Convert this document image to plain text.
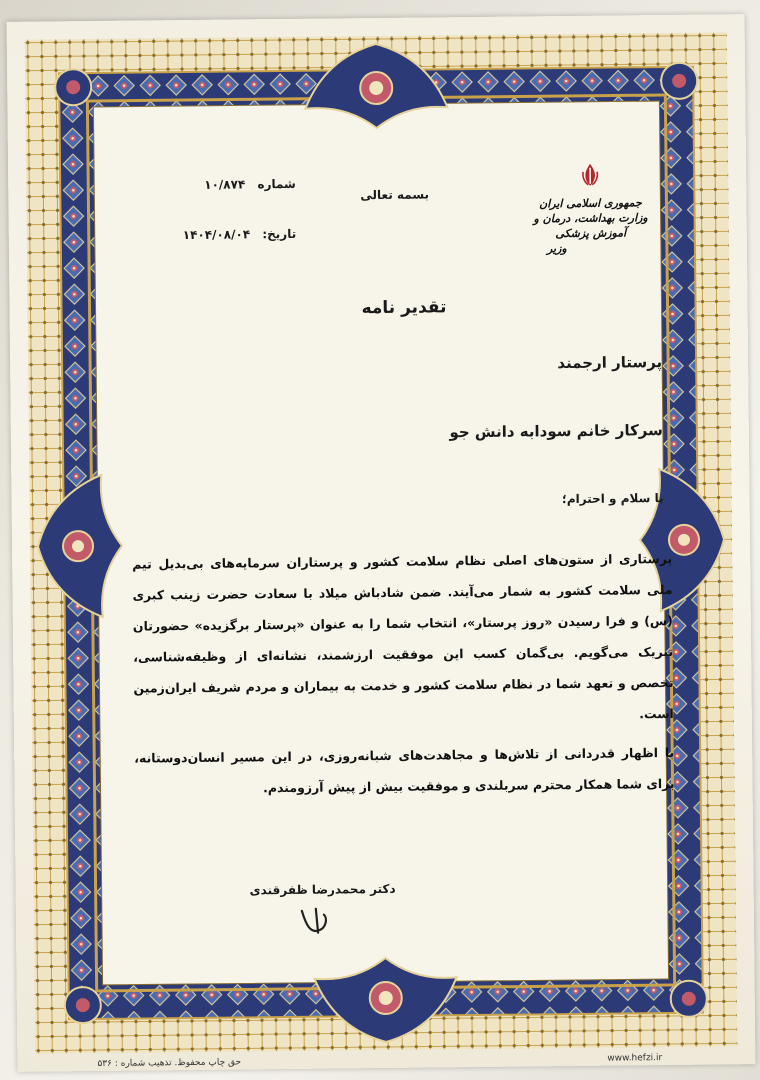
جمهوری اسلامی ایران
وزارت بهداشت، درمان و آموزش پزشکی
وزیر
بسمه تعالی
شماره ۱۰/۸۷۴
تاریخ: ۱۴۰۴/۰۸/۰۴
تقدیر نامه
پرستار ارجمند
سرکار خانم سودابه دانش جو
با سلام و احترام؛

پرستاری از ستون‌های اصلی نظام سلامت کشور و پرستاران سرمایه‌های بی‌بدیل تیم ملی سلامت کشور به شمار می‌آیند. ضمن شادباش میلاد با سعادت حضرت زینب کبری (س) و فرا رسیدن «روز پرستار»، انتخاب شما را به عنوان «پرستار برگزیده» حضورتان تبریک می‌گویم. بی‌گمان کسب این موفقیت ارزشمند، نشانه‌ای از وظیفه‌شناسی، تخصص و تعهد شما در نظام سلامت کشور و خدمت به بیماران و مردم شریف ایران‌زمین است.

با اظهار قدردانی از تلاش‌ها و مجاهدت‌های شبانه‌روزی، در این مسیر انسان‌دوستانه، برای شما همکار محترم سربلندی و موفقیت بیش از پیش آرزومندم.

دکتر محمدرضا ظفرقندی
حق چاپ محفوظ. تذهیب شماره : ۵۳۶	www.hefzi.ir
